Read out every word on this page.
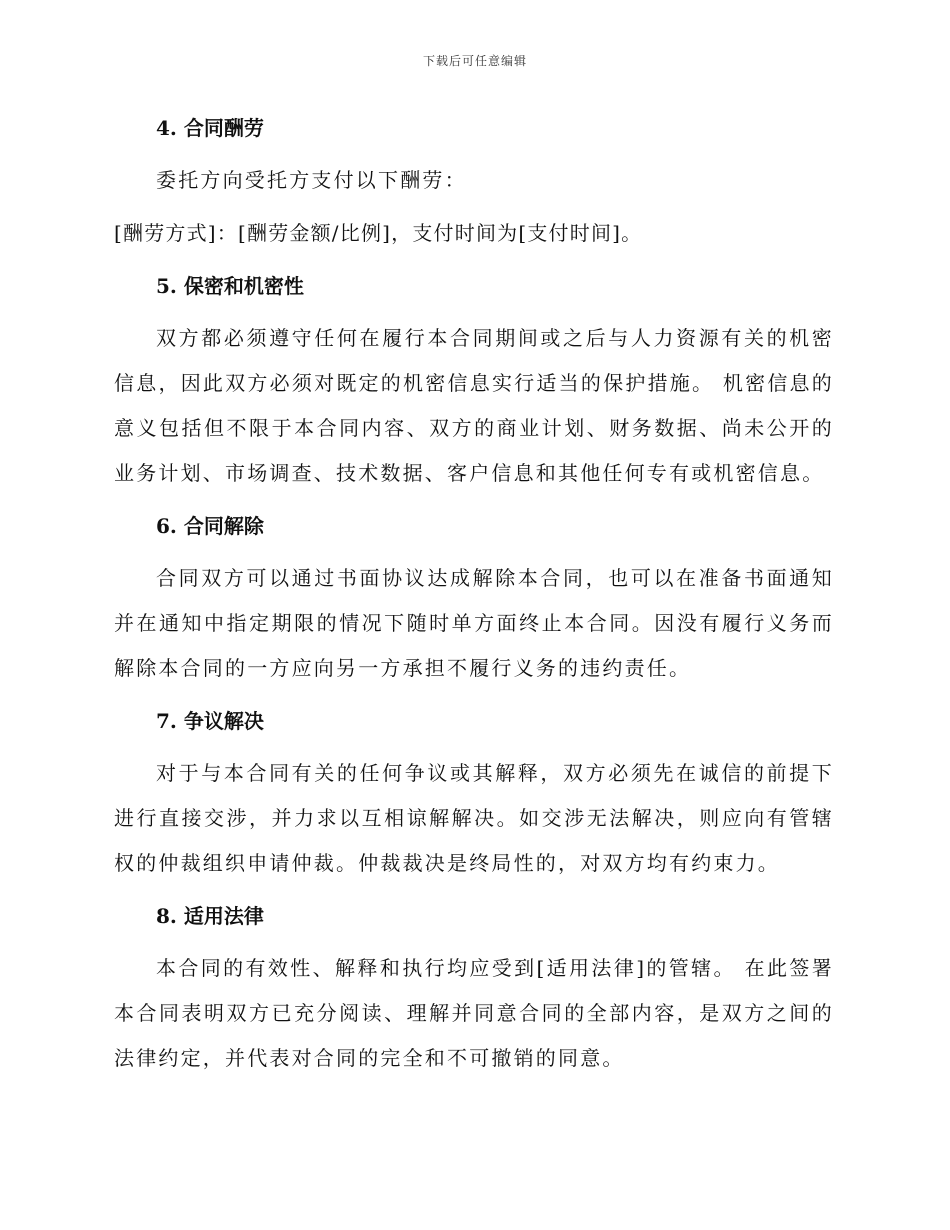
下载后可任意编辑
4. 合同酬劳

委托方向受托方支付以下酬劳：

[酬劳方式]：[酬劳金额/比例]，支付时间为[支付时间]。

5. 保密和机密性

双方都必须遵守任何在履行本合同期间或之后与人力资源有关的机密信息，因此双方必须对既定的机密信息实行适当的保护措施。 机密信息的意义包括但不限于本合同内容、双方的商业计划、财务数据、尚未公开的业务计划、市场调查、技术数据、客户信息和其他任何专有或机密信息。

6. 合同解除

合同双方可以通过书面协议达成解除本合同，也可以在准备书面通知并在通知中指定期限的情况下随时单方面终止本合同。因没有履行义务而解除本合同的一方应向另一方承担不履行义务的违约责任。

7. 争议解决

对于与本合同有关的任何争议或其解释，双方必须先在诚信的前提下进行直接交涉，并力求以互相谅解解决。如交涉无法解决，则应向有管辖权的仲裁组织申请仲裁。仲裁裁决是终局性的，对双方均有约束力。

8. 适用法律

本合同的有效性、解释和执行均应受到[适用法律]的管辖。 在此签署本合同表明双方已充分阅读、理解并同意合同的全部内容，是双方之间的法律约定，并代表对合同的完全和不可撤销的同意。
